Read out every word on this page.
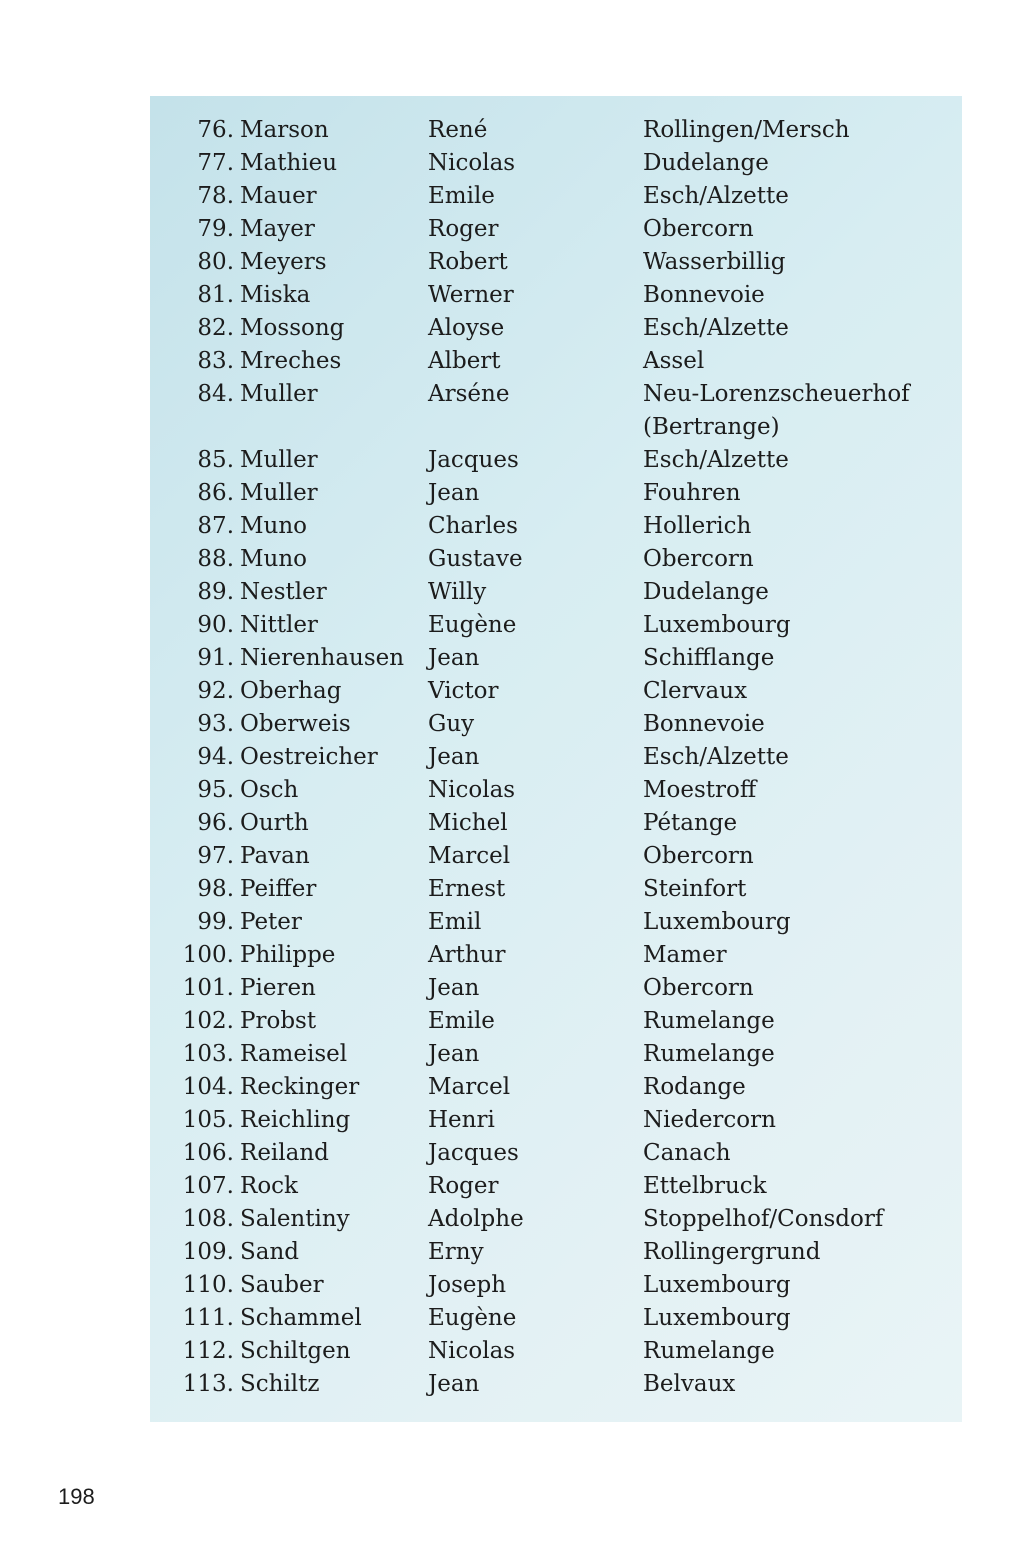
76. Marson	René	Rollingen/Mersch
77. Mathieu	Nicolas	Dudelange
78. Mauer	Emile	Esch/Alzette
79. Mayer	Roger	Obercorn
80. Meyers	Robert	Wasserbillig
81. Miska	Werner	Bonnevoie
82. Mossong	Aloyse	Esch/Alzette
83. Mreches	Albert	Assel
84. Muller	Arséne	Neu-Lorenzscheuerhof (Bertrange)
85. Muller	Jacques	Esch/Alzette
86. Muller	Jean	Fouhren
87. Muno	Charles	Hollerich
88. Muno	Gustave	Obercorn
89. Nestler	Willy	Dudelange
90. Nittler	Eugène	Luxembourg
91. Nierenhausen	Jean	Schifflange
92. Oberhag	Victor	Clervaux
93. Oberweis	Guy	Bonnevoie
94. Oestreicher	Jean	Esch/Alzette
95. Osch	Nicolas	Moestroff
96. Ourth	Michel	Pétange
97. Pavan	Marcel	Obercorn
98. Peiffer	Ernest	Steinfort
99. Peter	Emil	Luxembourg
100. Philippe	Arthur	Mamer
101. Pieren	Jean	Obercorn
102. Probst	Emile	Rumelange
103. Rameisel	Jean	Rumelange
104. Reckinger	Marcel	Rodange
105. Reichling	Henri	Niedercorn
106. Reiland	Jacques	Canach
107. Rock	Roger	Ettelbruck
108. Salentiny	Adolphe	Stoppelhof/Consdorf
109. Sand	Erny	Rollingergrund
110. Sauber	Joseph	Luxembourg
111. Schammel	Eugène	Luxembourg
112. Schiltgen	Nicolas	Rumelange
113. Schiltz	Jean	Belvaux
198
